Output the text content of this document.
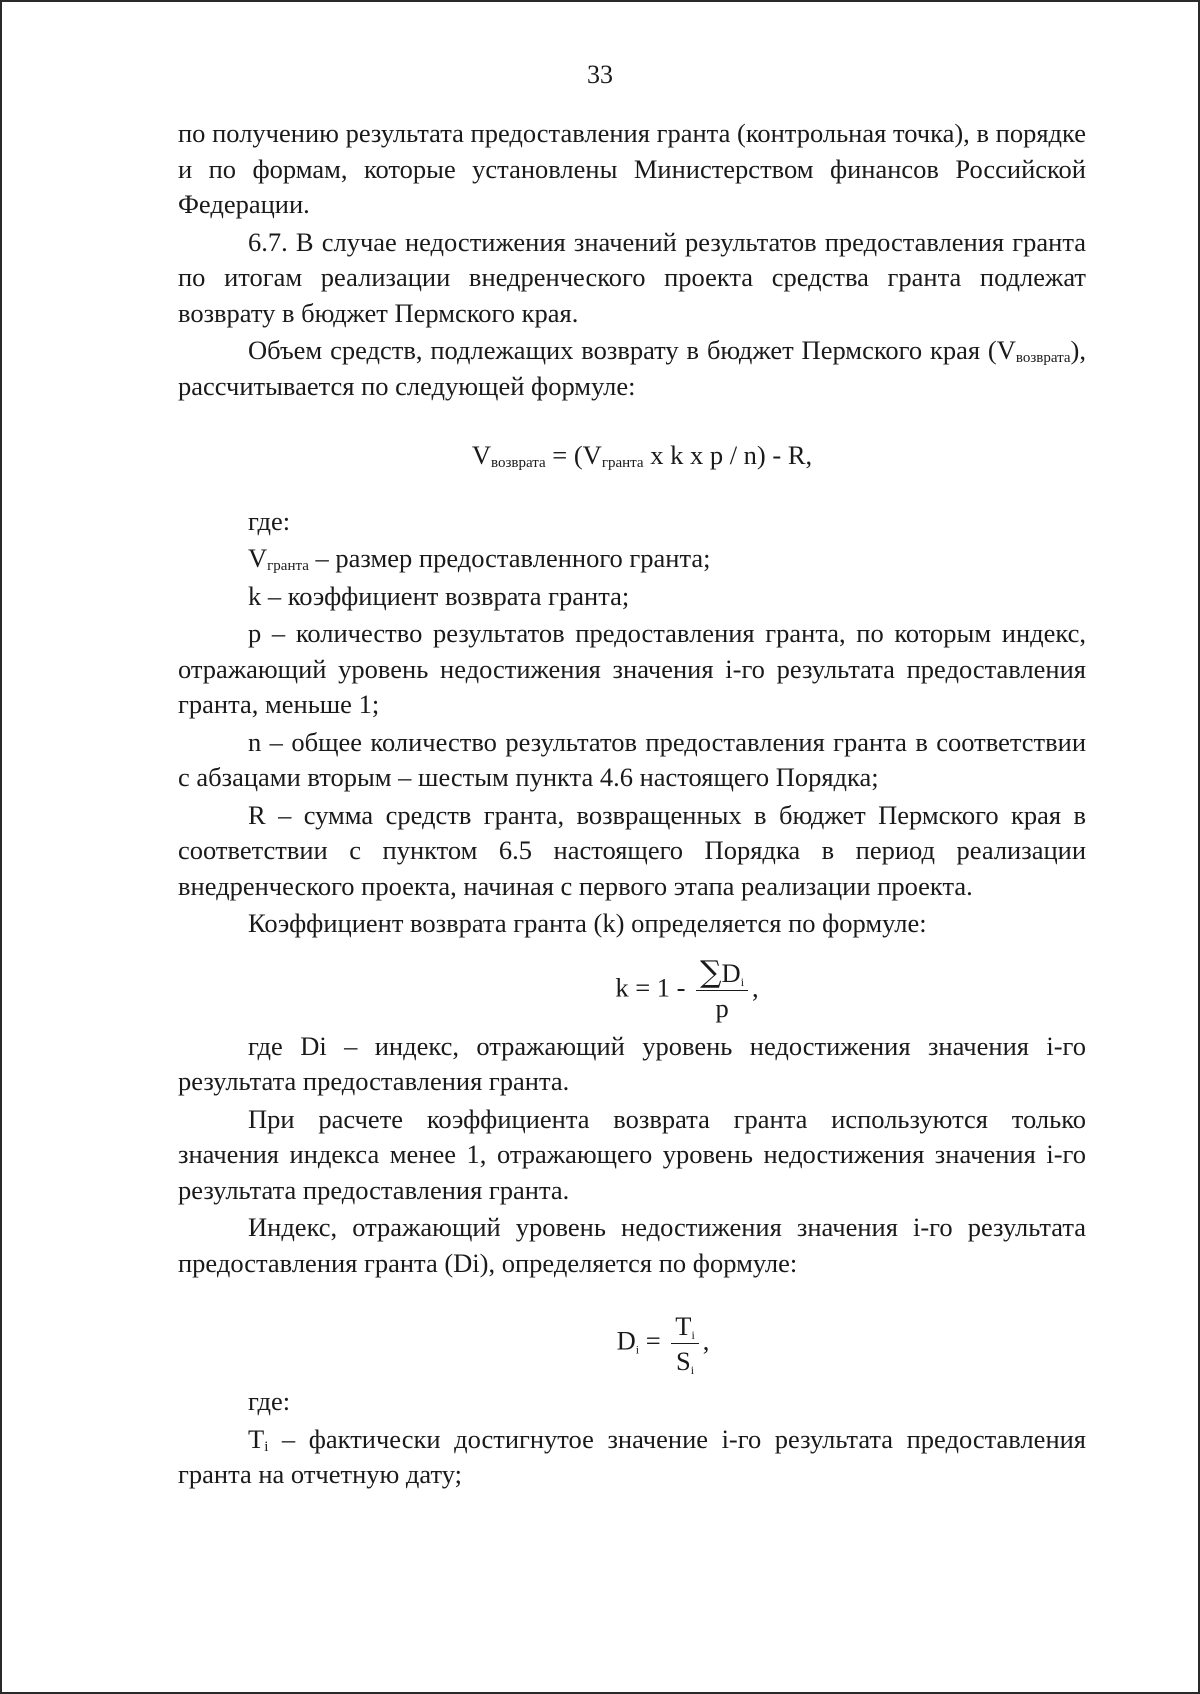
33

по получению результата предоставления гранта (контрольная точка), в порядке и по формам, которые установлены Министерством финансов Российской Федерации.

6.7. В случае недостижения значений результатов предоставления гранта по итогам реализации внедренческого проекта средства гранта подлежат возврату в бюджет Пермского края.

Объем средств, подлежащих возврату в бюджет Пермского края $(V_{возврата})$, рассчитывается по следующей формуле:

$V_{возврата} = (V_{гранта}$ x k x p / n) - R,

где:

$V_{гранта}$ – размер предоставленного гранта;

k – коэффициент возврата гранта;

p – количество результатов предоставления гранта, по которым индекс, отражающий уровень недостижения значения i-го результата предоставления гранта, меньше 1;

n – общее количество результатов предоставления гранта в соответствии с абзацами вторым – шестым пункта 4.6 настоящего Порядка;

R – сумма средств гранта, возвращенных в бюджет Пермского края в соответствии с пунктом 6.5 настоящего Порядка в период реализации внедренческого проекта, начиная с первого этапа реализации проекта.

Коэффициент возврата гранта (k) определяется по формуле:

$k = 1 - \frac{\sum D_i}{p}$ ,

где Di – индекс, отражающий уровень недостижения значения i-го результата предоставления гранта.

При расчете коэффициента возврата гранта используются только значения индекса менее 1, отражающего уровень недостижения значения i-го результата предоставления гранта.

Индекс, отражающий уровень недостижения значения i-го результата предоставления гранта (Di), определяется по формуле:

$D_i = \frac{T_i}{S_i}$ ,

где:

$T_i$ – фактически достигнутое значение i-го результата предоставления гранта на отчетную дату;
